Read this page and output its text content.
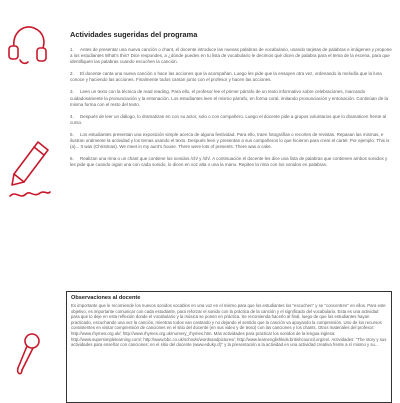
Actividades sugeridas del programa
1. Antes de presentar una nueva canción o chant, el docente introduce las nuevas palabras de vocabulario, usando tarjetas de palabras e imágenes y propone a los estudiantes What's this? Dice respondes, a ¿dónde puedes en tu lista de vocabulario le decimos qué dicen de palabra para el tema de la escena, para que identifiquen las palabras cuando escuchen la canción.
2. El docente canta una nueva canción o hace las acciones que la acompañan. Luego les pide que la ensayen otra vez, ordenando la melodía que la luna conoce y haciendo las acciones. Finalmente todos cantan junto con el profesor y hacen las acciones.
3. Leen un texto con la técnica de read reading. Para ello, el profesor lee el primer párrafo de un texto informativo sobre celebraciones, marcando cuidadosamente la pronunciación y la entonación. Los estudiantes leen el mismo párrafo, en forma coral, imitando pronunciación y entonación. Continúan de la misma forma con el resto del texto.
4. Después de leer un diálogo, lo dramatizan en con su actor, solo o con compañero. Luego el docente pide a grupos voluntarios que lo dramaticen frente al curso.
5. Los estudiantes presentan una exposición simple acerca de alguna festividad. Para ello, traen fotografías o recortes de revistas. Repasan las mismas, e ilustran oralmente la actividad y los temas usando el texto. Después leen y presentan a sus compañeros lo que hicieron para crear el cartel. Por ejemplo: This is (a)... It was (Christmas). We meet in my aunt's house. There were lots of presents. There was a cake.
6. Realizan una rima o un chant que contiene los sonidos /ch/ y /sh/. A continuación el docente les dice una lista de palabras que contienen ambos sonidos y les pide que cuando oigan una con cada sonido, lo dicen en voz alta o una la mano. Repiten la rima con los sonidos en palabras.
Observaciones al docente
Es importante que le recomiende los nuevos sonidos vocablos en una voz en el mismo para que los estudiantes los ''escuchen'' y se ''concentren'' en ellos. Para este objetivo, es importante comunicar con cada estudiante, para reforzar el sonido con la práctica de la canción y el significado del vocabulario. Esta es una actividad para que lo deje en esta reflexión donde el vocabulario y la música se ponen en práctica. Se recomienda hacerlo al final, luego de que los estudiantes hayan practicado, escuchando una vez la canción, mientras todos van cantando y no dejando el sentido que la canción va apoyando la comprensión. Uno de los recursos consistentes en visitar comprensión de canciones en el sitio del docente (en sus video y de texto) con las canciones y los chants. Otros materiales del profesor: http://www.rhymes.org.uk/; http://www.rhymes.org.uk/nursery_rhymes.htm. Más actividades para practicar los sonidos de la lengua inglesa: http://www.supersimplelearning.com/; http://www.bbc.co.uk/schools/wordsandpictures/; http://www.learnenglishkids.britishcouncil.org/es/. Actividades: ''The story y sus actividades para enseñar con canciones: en el sitio del docente (www.eduky.cl)'' y la presentación a la actividad en una actividad creativa frente a sí mismo y su...
